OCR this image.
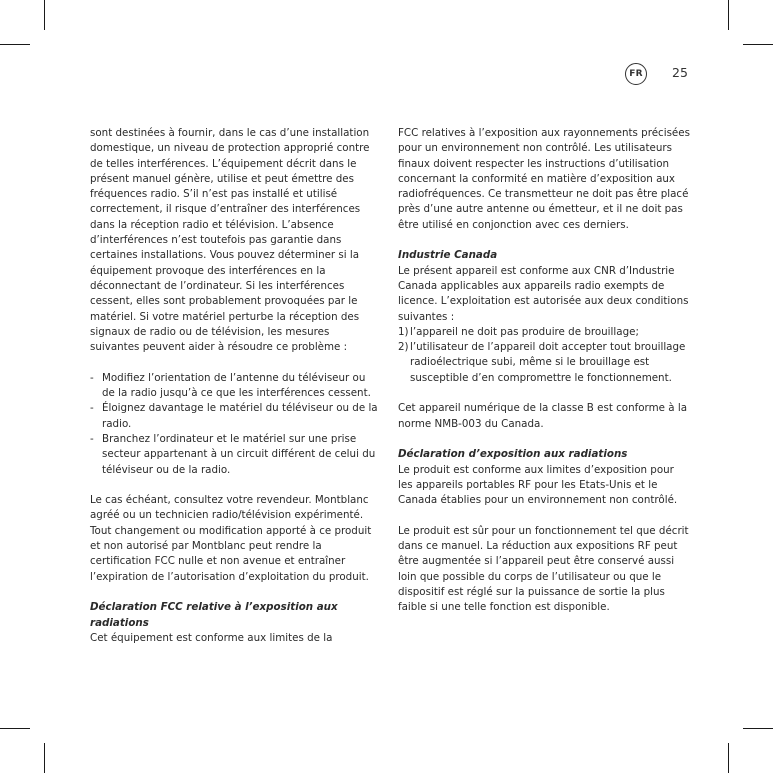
FR	25

sont destinées à fournir, dans le cas d’une installation domestique, un niveau de protection approprié contre de telles interférences. L’équipement décrit dans le présent manuel génère, utilise et peut émettre des fréquences radio. S’il n’est pas installé et utilisé correctement, il risque d’entraîner des interférences dans la réception radio et télévision. L’absence d’interférences n’est toutefois pas garantie dans certaines installations. Vous pouvez déterminer si la équipement provoque des interférences en la déconnectant de l’ordinateur. Si les interférences cessent, elles sont probablement provoquées par le matériel. Si votre matériel perturbe la réception des signaux de radio ou de télévision, les mesures suivantes peuvent aider à résoudre ce problème :

- Modifiez l’orientation de l’antenne du téléviseur ou de la radio jusqu’à ce que les interférences cessent.
- Éloignez davantage le matériel du téléviseur ou de la radio.
- Branchez l’ordinateur et le matériel sur une prise secteur appartenant à un circuit différent de celui du téléviseur ou de la radio.

Le cas échéant, consultez votre revendeur. Montblanc agréé ou un technicien radio/télévision expérimenté. Tout changement ou modification apporté à ce produit et non autorisé par Montblanc peut rendre la certification FCC nulle et non avenue et entraîner l’expiration de l’autorisation d’exploitation du produit.

Déclaration FCC relative à l’exposition aux radiations

Cet équipement est conforme aux limites de la

FCC relatives à l’exposition aux rayonnements précisées pour un environnement non contrôlé. Les utilisateurs finaux doivent respecter les instructions d’utilisation concernant la conformité en matière d’exposition aux radiofréquences. Ce transmetteur ne doit pas être placé près d’une autre antenne ou émetteur, et il ne doit pas être utilisé en conjonction avec ces derniers.

Industrie Canada

Le présent appareil est conforme aux CNR d’Industrie Canada applicables aux appareils radio exempts de licence. L’exploitation est autorisée aux deux conditions suivantes :

1) l’appareil ne doit pas produire de brouillage;
2) l’utilisateur de l’appareil doit accepter tout brouillage radioélectrique subi, même si le brouillage est susceptible d’en compromettre le fonctionnement.

Cet appareil numérique de la classe B est conforme à la norme NMB-003 du Canada.

Déclaration d’exposition aux radiations

Le produit est conforme aux limites d’exposition pour les appareils portables RF pour les Etats-Unis et le Canada établies pour un environnement non contrôlé.

Le produit est sûr pour un fonctionnement tel que décrit dans ce manuel. La réduction aux expositions RF peut être augmentée si l’appareil peut être conservé aussi loin que possible du corps de l’utilisateur ou que le dispositif est réglé sur la puissance de sortie la plus faible si une telle fonction est disponible.
